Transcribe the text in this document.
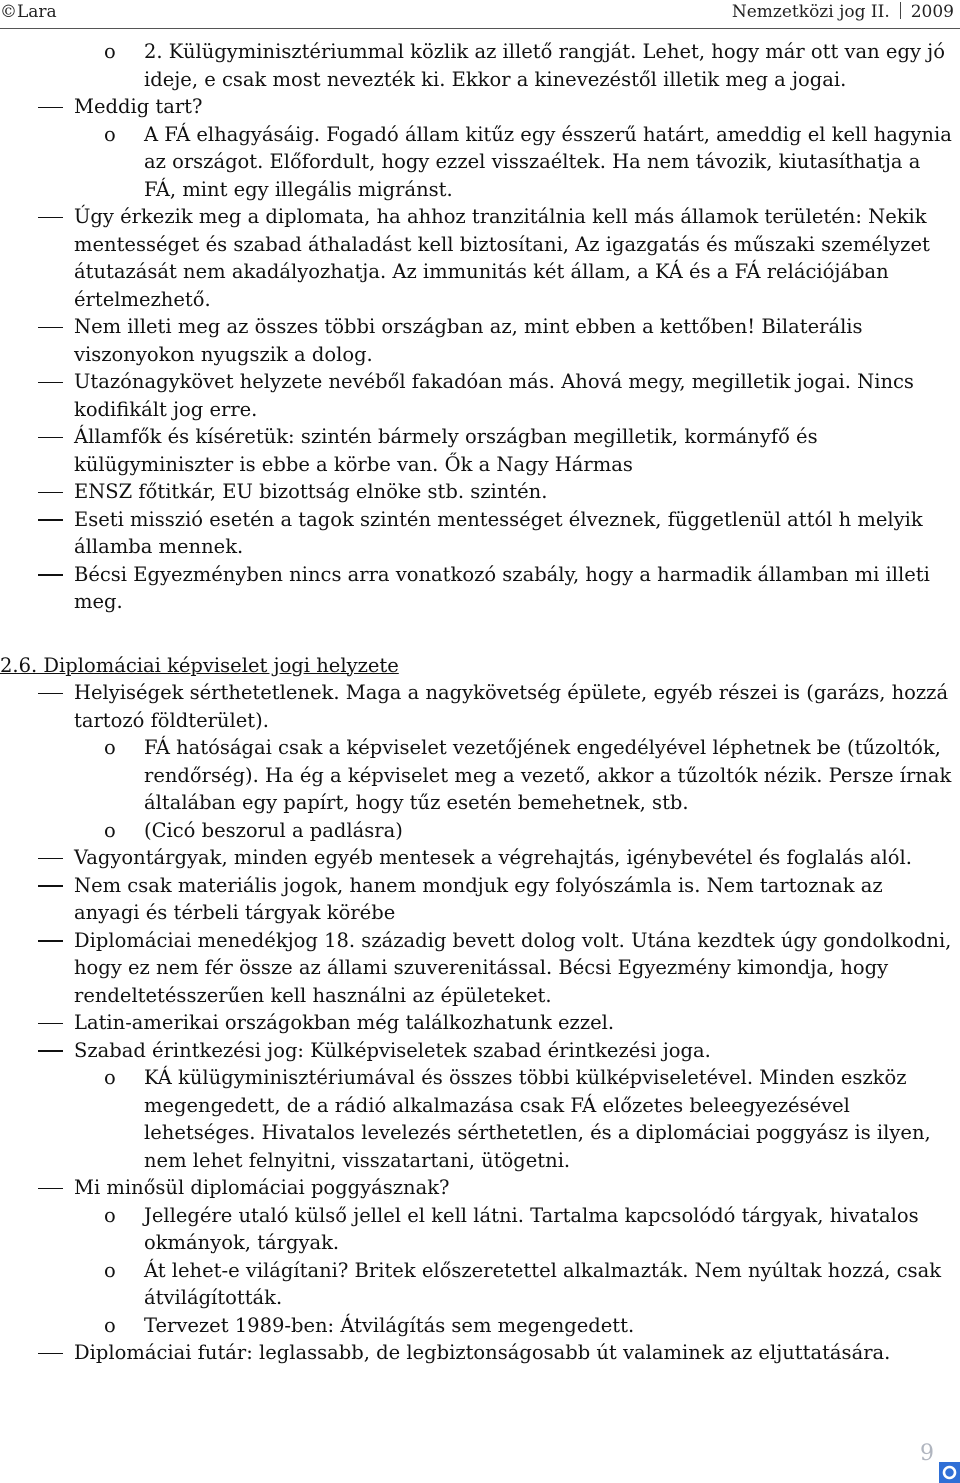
©Lara	Nemzetközi jog II. 2009
o 2. Külügyminisztériummal közlik az illető rangját. Lehet, hogy már ott van egy jó ideje, e csak most nevezték ki. Ekkor a kinevezéstől illetik meg a jogai.
Meddig tart?
o A FÁ elhagyásáig. Fogadó állam kitűz egy ésszerű határt, ameddig el kell hagynia az országot. Előfordult, hogy ezzel visszaéltek. Ha nem távozik, kiutasíthatja a FÁ, mint egy illegális migránst.
Úgy érkezik meg a diplomata, ha ahhoz tranzitálnia kell más államok területén: Nekik mentességet és szabad áthaladást kell biztosítani, Az igazgatás és műszaki személyzet átutazását nem akadályozhatja. Az immunitás két állam, a KÁ és a FÁ relációjában értelmezhető.
Nem illeti meg az összes többi országban az, mint ebben a kettőben! Bilaterális viszonyokon nyugszik a dolog.
Utazónagykövet helyzete nevéből fakadóan más. Ahová megy, megilletik jogai. Nincs kodifikált jog erre.
Államfők és kíséretük: szintén bármely országban megilletik, kormányfő és külügyminiszter is ebbe a körbe van. Ők a Nagy Hármas
ENSZ főtitkár, EU bizottság elnöke stb. szintén.
Eseti misszió esetén a tagok szintén mentességet élveznek, függetlenül attól h melyik államba mennek.
Bécsi Egyezményben nincs arra vonatkozó szabály, hogy a harmadik államban mi illeti meg.
2.6. Diplomáciai képviselet jogi helyzete
Helyiségek sérthetetlenek. Maga a nagykövetség épülete, egyéb részei is (garázs, hozzá tartozó földterület).
o FÁ hatóságai csak a képviselet vezetőjének engedélyével léphetnek be (tűzoltók, rendőrség). Ha ég a képviselet meg a vezető, akkor a tűzoltók nézik. Persze írnak általában egy papírt, hogy tűz esetén bemehetnek, stb.
o (Cicó beszorul a padlásra)
Vagyontárgyak, minden egyéb mentesek a végrehajtás, igénybevétel és foglalás alól.
Nem csak materiális jogok, hanem mondjuk egy folyószámla is. Nem tartoznak az anyagi és térbeli tárgyak körébe
Diplomáciai menedékjog 18. századig bevett dolog volt. Utána kezdtek úgy gondolkodni, hogy ez nem fér össze az állami szuverenitással. Bécsi Egyezmény kimondja, hogy rendeltetésszerűen kell használni az épületeket.
Latin-amerikai országokban még találkozhatunk ezzel.
Szabad érintkezési jog: Külképviseletek szabad érintkezési joga.
o KÁ külügyminisztériumával és összes többi külképviseletével. Minden eszköz megengedett, de a rádió alkalmazása csak FÁ előzetes beleegyezésével lehetséges. Hivatalos levelezés sérthetetlen, és a diplomáciai poggyász is ilyen, nem lehet felnyitni, visszatartani, ütögetni.
Mi minősül diplomáciai poggyásznak?
o Jellegére utaló külső jellel el kell látni. Tartalma kapcsolódó tárgyak, hivatalos okmányok, tárgyak.
o Át lehet-e világítani? Britek előszeretettel alkalmazták. Nem nyúltak hozzá, csak átvilágították.
o Tervezet 1989-ben: Átvilágítás sem megengedett.
Diplomáciai futár: leglassabb, de legbiztonságosabb út valaminek az eljuttatására.
9
